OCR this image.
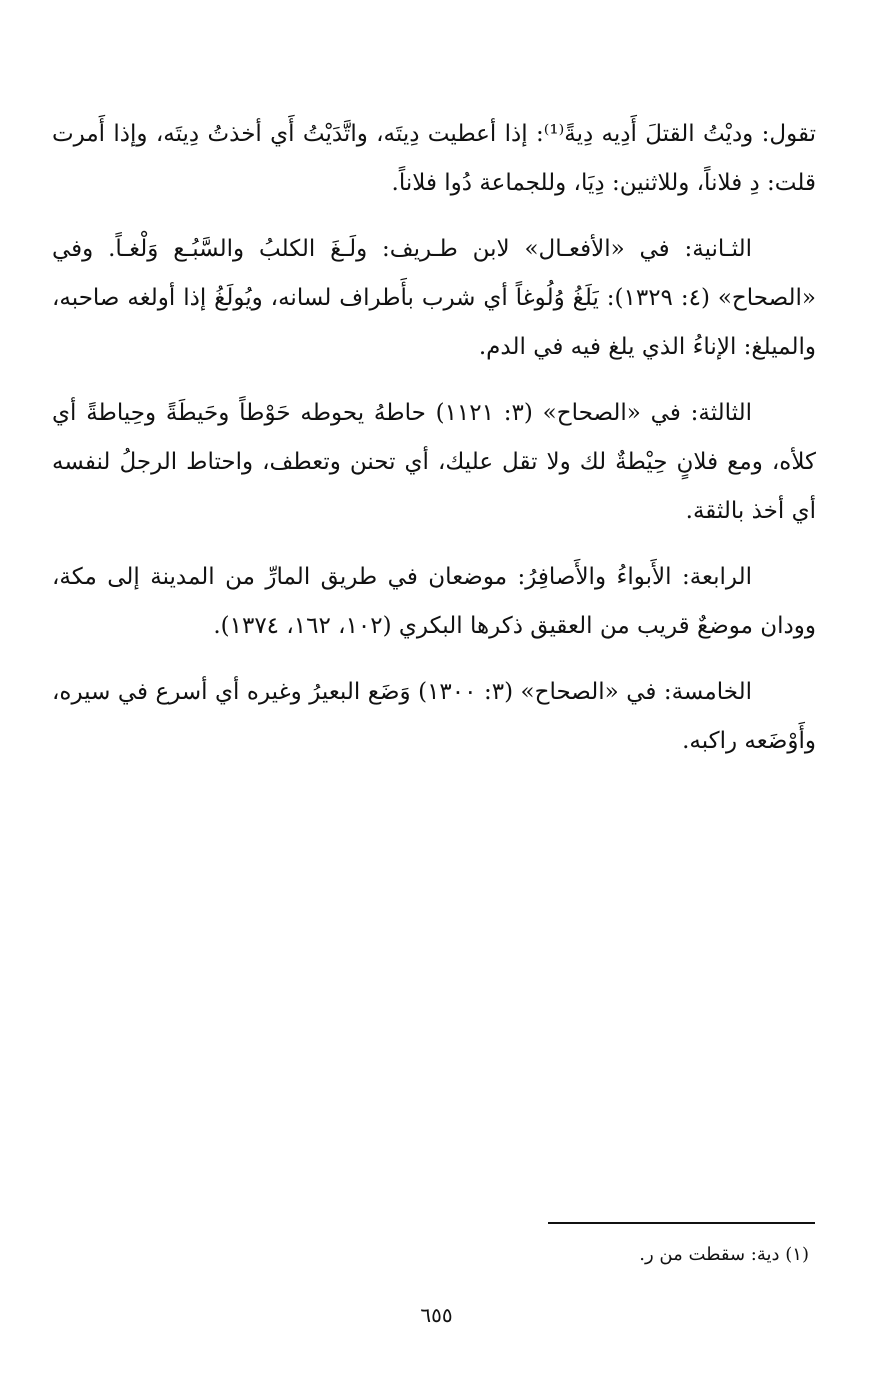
تقول: وديْتُ القتلَ أَدِيه دِيةً⁽¹⁾: إذا أعطيت دِيتَه، واتَّدَيْتُ أَي أخذتُ دِيتَه، وإذا أَمرت قلت: دِ فلاناً، وللاثنين: دِيَا، وللجماعة دُوا فلاناً.

الثـانية: في «الأفعـال» لابن طـريف: ولَـغَ الكلبُ والسَّبُـع وَلْغـاً. وفي «الصحاح» (٤: ١٣٢٩): يَلَغُ وُلُوغاً أي شرب بأَطراف لسانه، ويُولَغُ إذا أولغه صاحبه، والميلغ: الإناءُ الذي يلغ فيه في الدم.

الثالثة: في «الصحاح» (٣: ١١٢١) حاطهُ يحوطه حَوْطاً وحَيطَةً وحِياطةً أي كلأه، ومع فلانٍ حِيْطةٌ لك ولا تقل عليك، أي تحنن وتعطف، واحتاط الرجلُ لنفسه أي أخذ بالثقة.

الرابعة: الأَبواءُ والأَصافِرُ: موضعان في طريق المارِّ من المدينة إلى مكة، وودان موضعٌ قريب من العقيق ذكرها البكري (١٠٢، ١٦٢، ١٣٧٤).

الخامسة: في «الصحاح» (٣: ١٣٠٠) وَضَع البعيرُ وغيره أي أسرع في سيره، وأَوْضَعه راكبه.

(١) دية: سقطت من ر.
٦٥٥
